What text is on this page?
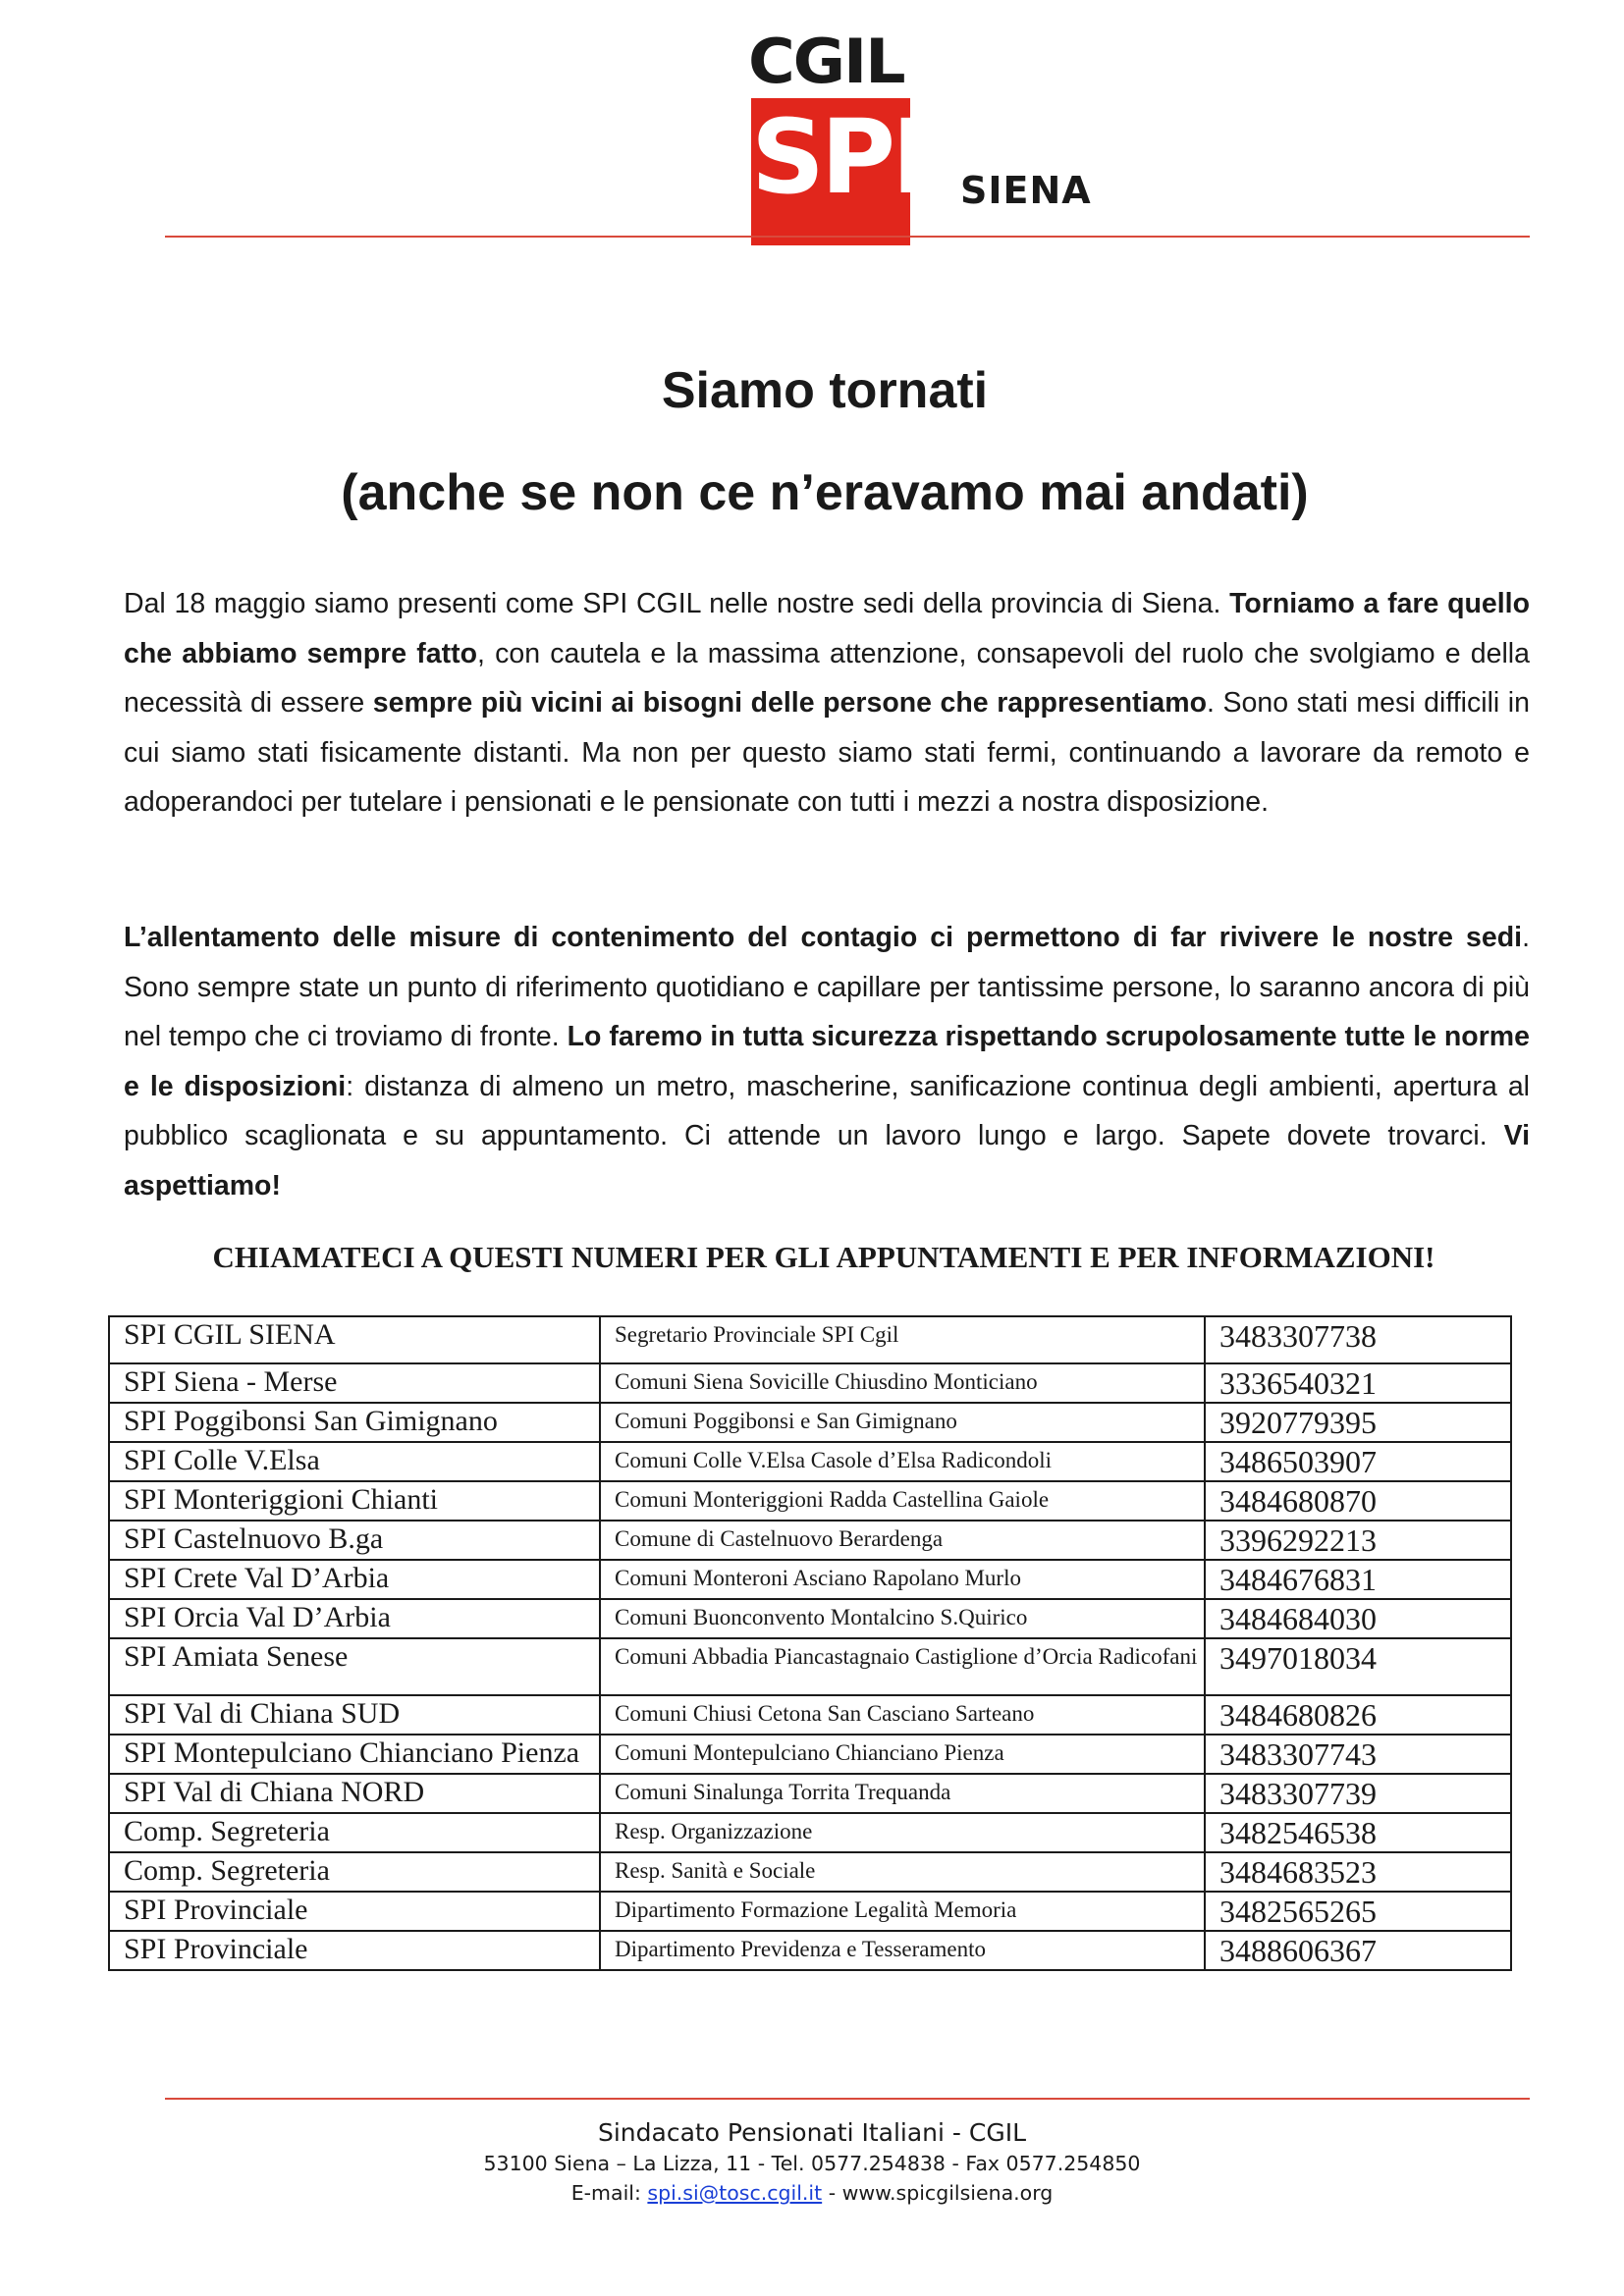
CGIL
SPI SIENA
Siamo tornati
(anche se non ce n’eravamo mai andati)
Dal 18 maggio siamo presenti come SPI CGIL nelle nostre sedi della provincia di Siena. Torniamo a fare quello che abbiamo sempre fatto, con cautela e la massima attenzione, consapevoli del ruolo che svolgiamo e della necessità di essere sempre più vicini ai bisogni delle persone che rappresentiamo. Sono stati mesi difficili in cui siamo stati fisicamente distanti. Ma non per questo siamo stati fermi, continuando a lavorare da remoto e adoperandoci per tutelare i pensionati e le pensionate con tutti i mezzi a nostra disposizione.
L’allentamento delle misure di contenimento del contagio ci permettono di far rivivere le nostre sedi. Sono sempre state un punto di riferimento quotidiano e capillare per tantissime persone, lo saranno ancora di più nel tempo che ci troviamo di fronte. Lo faremo in tutta sicurezza rispettando scrupolosamente tutte le norme e le disposizioni: distanza di almeno un metro, mascherine, sanificazione continua degli ambienti, apertura al pubblico scaglionata e su appuntamento. Ci attende un lavoro lungo e largo. Sapete dovete trovarci. Vi aspettiamo!
CHIAMATECI A QUESTI NUMERI PER GLI APPUNTAMENTI E PER INFORMAZIONI!
SPI CGIL SIENA	Segretario Provinciale SPI Cgil	3483307738
SPI Siena - Merse	Comuni Siena Sovicille Chiusdino Monticiano	3336540321
SPI Poggibonsi San Gimignano	Comuni Poggibonsi e San Gimignano	3920779395
SPI Colle V.Elsa	Comuni Colle V.Elsa Casole d’Elsa Radicondoli	3486503907
SPI Monteriggioni Chianti	Comuni Monteriggioni Radda Castellina Gaiole	3484680870
SPI Castelnuovo B.ga	Comune di Castelnuovo Berardenga	3396292213
SPI Crete Val D’Arbia	Comuni Monteroni Asciano Rapolano Murlo	3484676831
SPI Orcia Val D’Arbia	Comuni Buonconvento Montalcino S.Quirico	3484684030
SPI Amiata Senese	Comuni Abbadia Piancastagnaio Castiglione d’Orcia Radicofani	3497018034
SPI Val di Chiana SUD	Comuni Chiusi Cetona San Casciano Sarteano	3484680826
SPI Montepulciano Chianciano Pienza	Comuni Montepulciano Chianciano Pienza	3483307743
SPI Val di Chiana NORD	Comuni Sinalunga Torrita Trequanda	3483307739
Comp. Segreteria	Resp. Organizzazione	3482546538
Comp. Segreteria	Resp. Sanità e Sociale	3484683523
SPI Provinciale	Dipartimento Formazione Legalità Memoria	3482565265
SPI Provinciale	Dipartimento Previdenza e Tesseramento	3488606367
Sindacato Pensionati Italiani - CGIL
53100 Siena – La Lizza, 11 - Tel. 0577.254838 - Fax 0577.254850
E-mail: spi.si@tosc.cgil.it - www.spicgilsiena.org
